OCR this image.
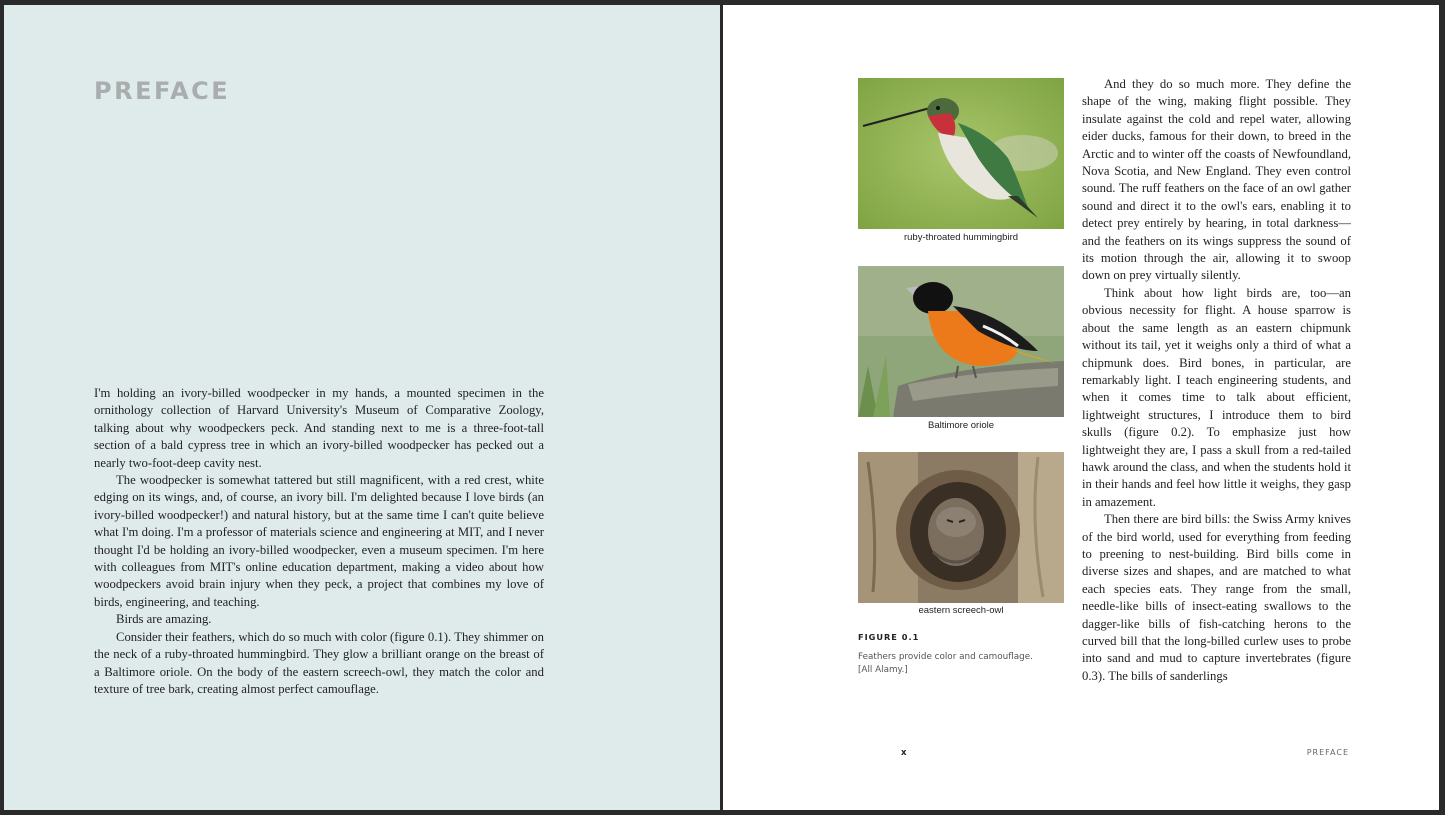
PREFACE

I'm holding an ivory-billed woodpecker in my hands, a mounted specimen in the ornithology collection of Harvard University's Museum of Comparative Zoology, talking about why woodpeckers peck. And standing next to me is a three-foot-tall section of a bald cypress tree in which an ivory-billed woodpecker has pecked out a nearly two-foot-deep cavity nest.

The woodpecker is somewhat tattered but still magnificent, with a red crest, white edging on its wings, and, of course, an ivory bill. I'm delighted because I love birds (an ivory-billed woodpecker!) and natural history, but at the same time I can't quite believe what I'm doing. I'm a professor of materials science and engineering at MIT, and I never thought I'd be holding an ivory-billed woodpecker, even a museum specimen. I'm here with colleagues from MIT's online education department, making a video about how woodpeckers avoid brain injury when they peck, a project that combines my love of birds, engineering, and teaching.

Birds are amazing.

Consider their feathers, which do so much with color (figure 0.1). They shimmer on the neck of a ruby-throated hummingbird. They glow a brilliant orange on the breast of a Baltimore oriole. On the body of the eastern screech-owl, they match the color and texture of tree bark, creating almost perfect camouflage.

ruby-throated hummingbird
Baltimore oriole
eastern screech-owl
FIGURE 0.1
Feathers provide color and camouflage.
[All Alamy.]

And they do so much more. They define the shape of the wing, making flight possible. They insulate against the cold and repel water, allowing eider ducks, famous for their down, to breed in the Arctic and to winter off the coasts of Newfoundland, Nova Scotia, and New England. They even control sound. The ruff feathers on the face of an owl gather sound and direct it to the owl's ears, enabling it to detect prey entirely by hearing, in total darkness—and the feathers on its wings suppress the sound of its motion through the air, allowing it to swoop down on prey virtually silently.

Think about how light birds are, too—an obvious necessity for flight. A house sparrow is about the same length as an eastern chipmunk without its tail, yet it weighs only a third of what a chipmunk does. Bird bones, in particular, are remarkably light. I teach engineering students, and when it comes time to talk about efficient, lightweight structures, I introduce them to bird skulls (figure 0.2). To emphasize just how lightweight they are, I pass a skull from a red-tailed hawk around the class, and when the students hold it in their hands and feel how little it weighs, they gasp in amazement.

Then there are bird bills: the Swiss Army knives of the bird world, used for everything from feeding to preening to nest-building. Bird bills come in diverse sizes and shapes, and are matched to what each species eats. They range from the small, needle-like bills of insect-eating swallows to the dagger-like bills of fish-catching herons to the curved bill that the long-billed curlew uses to probe into sand and mud to capture invertebrates (figure 0.3). The bills of sanderlings

x	PREFACE
